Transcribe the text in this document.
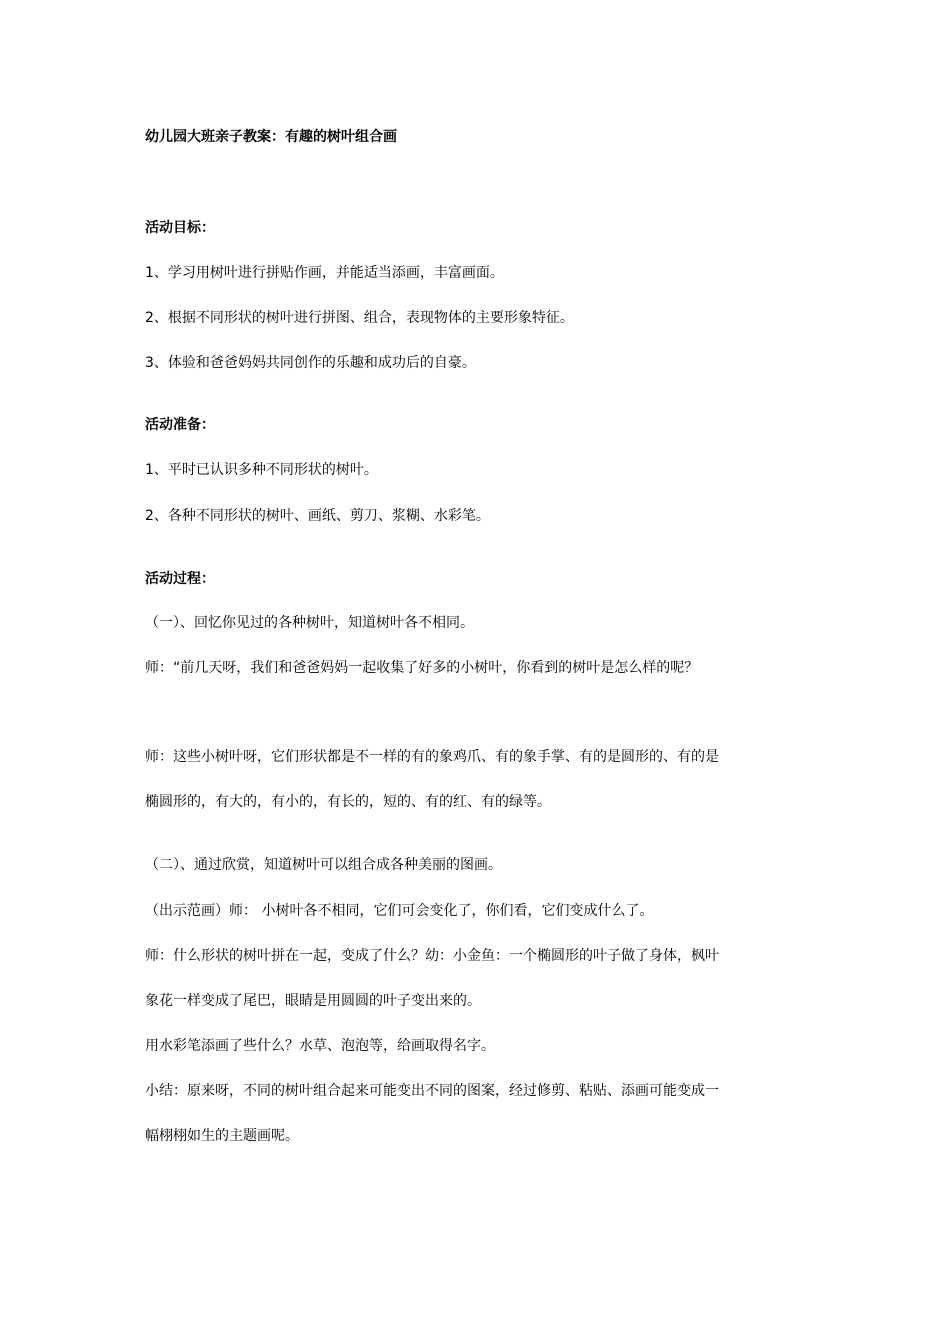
幼儿园大班亲子教案：有趣的树叶组合画

活动目标：

1、学习用树叶进行拼贴作画，并能适当添画，丰富画面。

2、根据不同形状的树叶进行拼图、组合，表现物体的主要形象特征。

3、体验和爸爸妈妈共同创作的乐趣和成功后的自豪。

活动准备：

1、平时已认识多种不同形状的树叶。

2、各种不同形状的树叶、画纸、剪刀、浆糊、水彩笔。

活动过程：

（一）、回忆你见过的各种树叶，知道树叶各不相同。

师：“前几天呀，我们和爸爸妈妈一起收集了好多的小树叶，你看到的树叶是怎么样的呢？

师：这些小树叶呀，它们形状都是不一样的有的象鸡爪、有的象手掌、有的是圆形的、有的是

椭圆形的，有大的，有小的，有长的，短的、有的红、有的绿等。

（二）、通过欣赏，知道树叶可以组合成各种美丽的图画。

（出示范画）师： 小树叶各不相同，它们可会变化了，你们看，它们变成什么了。

师：什么形状的树叶拼在一起，变成了什么？幼：小金鱼：一个椭圆形的叶子做了身体，枫叶

象花一样变成了尾巴，眼睛是用圆圆的叶子变出来的。

用水彩笔添画了些什么？水草、泡泡等，给画取得名字。

小结：原来呀，不同的树叶组合起来可能变出不同的图案，经过修剪、粘贴、添画可能变成一

幅栩栩如生的主题画呢。
